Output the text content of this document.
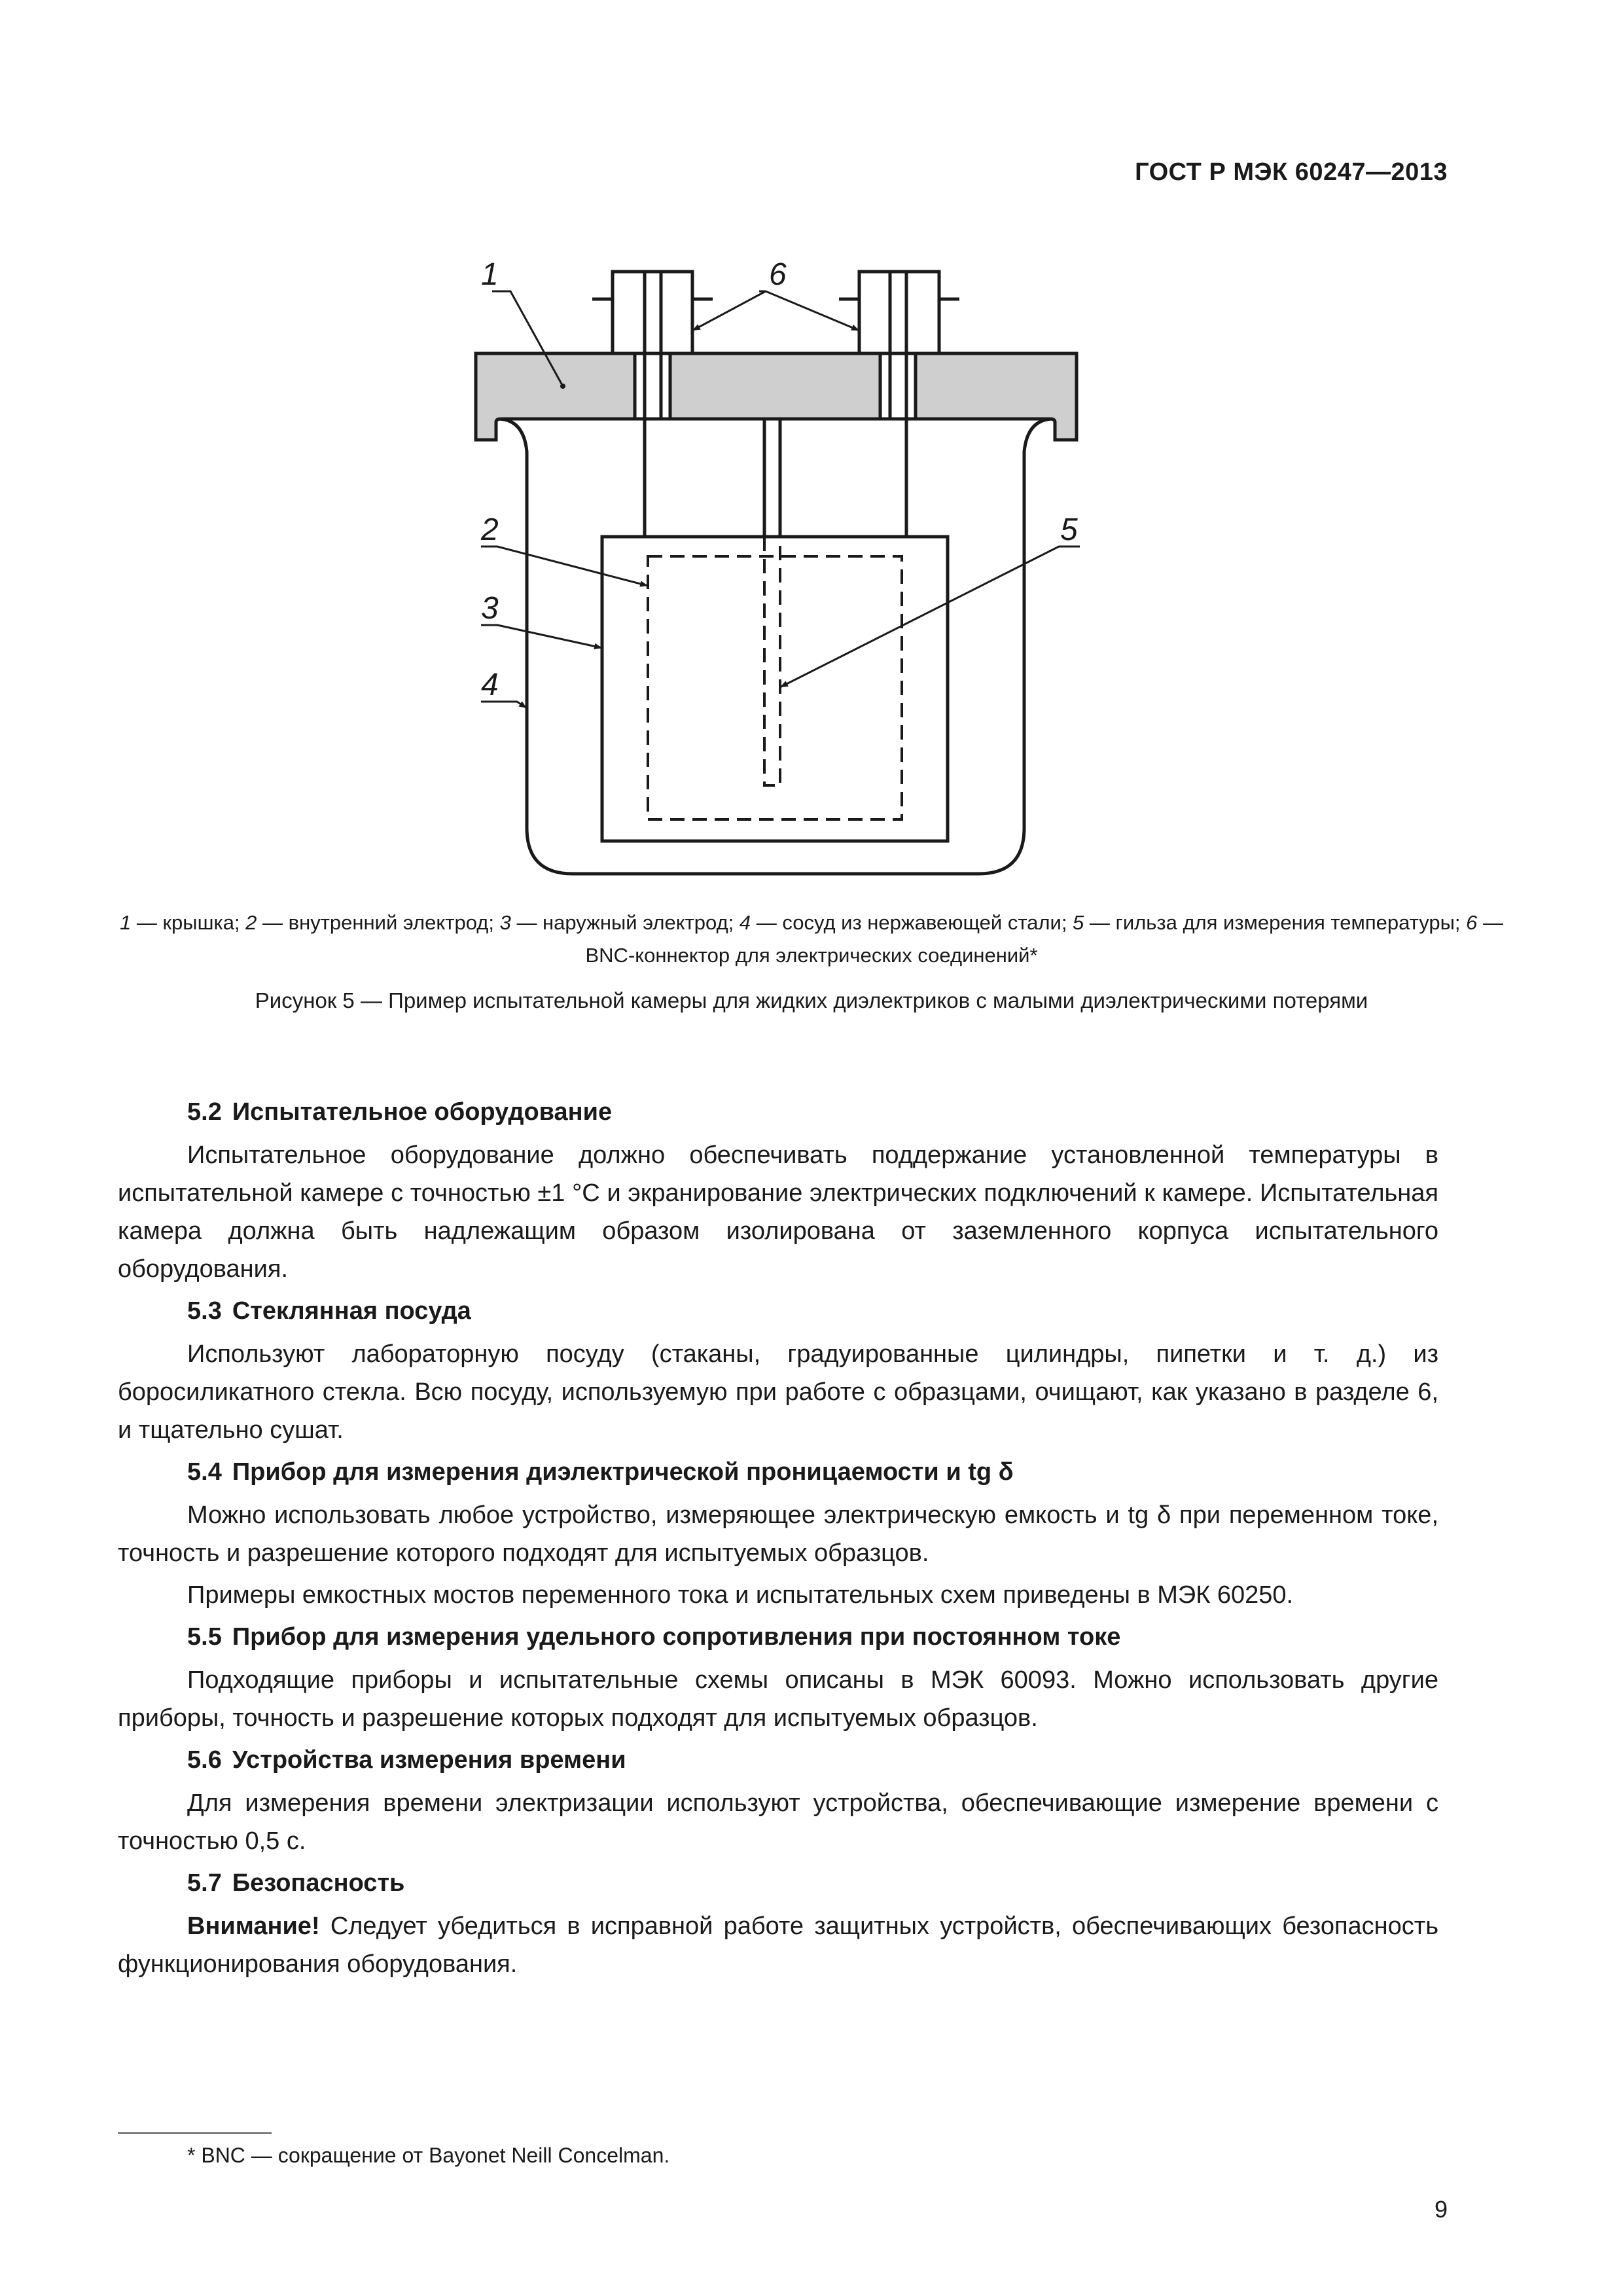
ГОСТ Р МЭК 60247—2013
1	6
2	5
3
4
1 — крышка; 2 — внутренний электрод; 3 — наружный электрод; 4 — сосуд из нержавеющей стали; 5 — гильза для измерения температуры; 6 — BNC-коннектор для электрических соединений*
Рисунок 5 — Пример испытательной камеры для жидких диэлектриков с малыми диэлектрическими потерями
5.2 Испытательное оборудование

Испытательное оборудование должно обеспечивать поддержание установленной температуры в испытательной камере с точностью ±1 °С и экранирование электрических подключений к камере. Испытательная камера должна быть надлежащим образом изолирована от заземленного корпуса испытательного оборудования.

5.3 Стеклянная посуда

Используют лабораторную посуду (стаканы, градуированные цилиндры, пипетки и т. д.) из боросиликатного стекла. Всю посуду, используемую при работе с образцами, очищают, как указано в разделе 6, и тщательно сушат.

5.4 Прибор для измерения диэлектрической проницаемости и tg δ

Можно использовать любое устройство, измеряющее электрическую емкость и tg δ при переменном токе, точность и разрешение которого подходят для испытуемых образцов.

Примеры емкостных мостов переменного тока и испытательных схем приведены в МЭК 60250.

5.5 Прибор для измерения удельного сопротивления при постоянном токе

Подходящие приборы и испытательные схемы описаны в МЭК 60093. Можно использовать другие приборы, точность и разрешение которых подходят для испытуемых образцов.

5.6 Устройства измерения времени

Для измерения времени электризации используют устройства, обеспечивающие измерение времени с точностью 0,5 с.

5.7 Безопасность

Внимание! Следует убедиться в исправной работе защитных устройств, обеспечивающих безопасность функционирования оборудования.

* BNC — сокращение от Bayonet Neill Concelman.
9
